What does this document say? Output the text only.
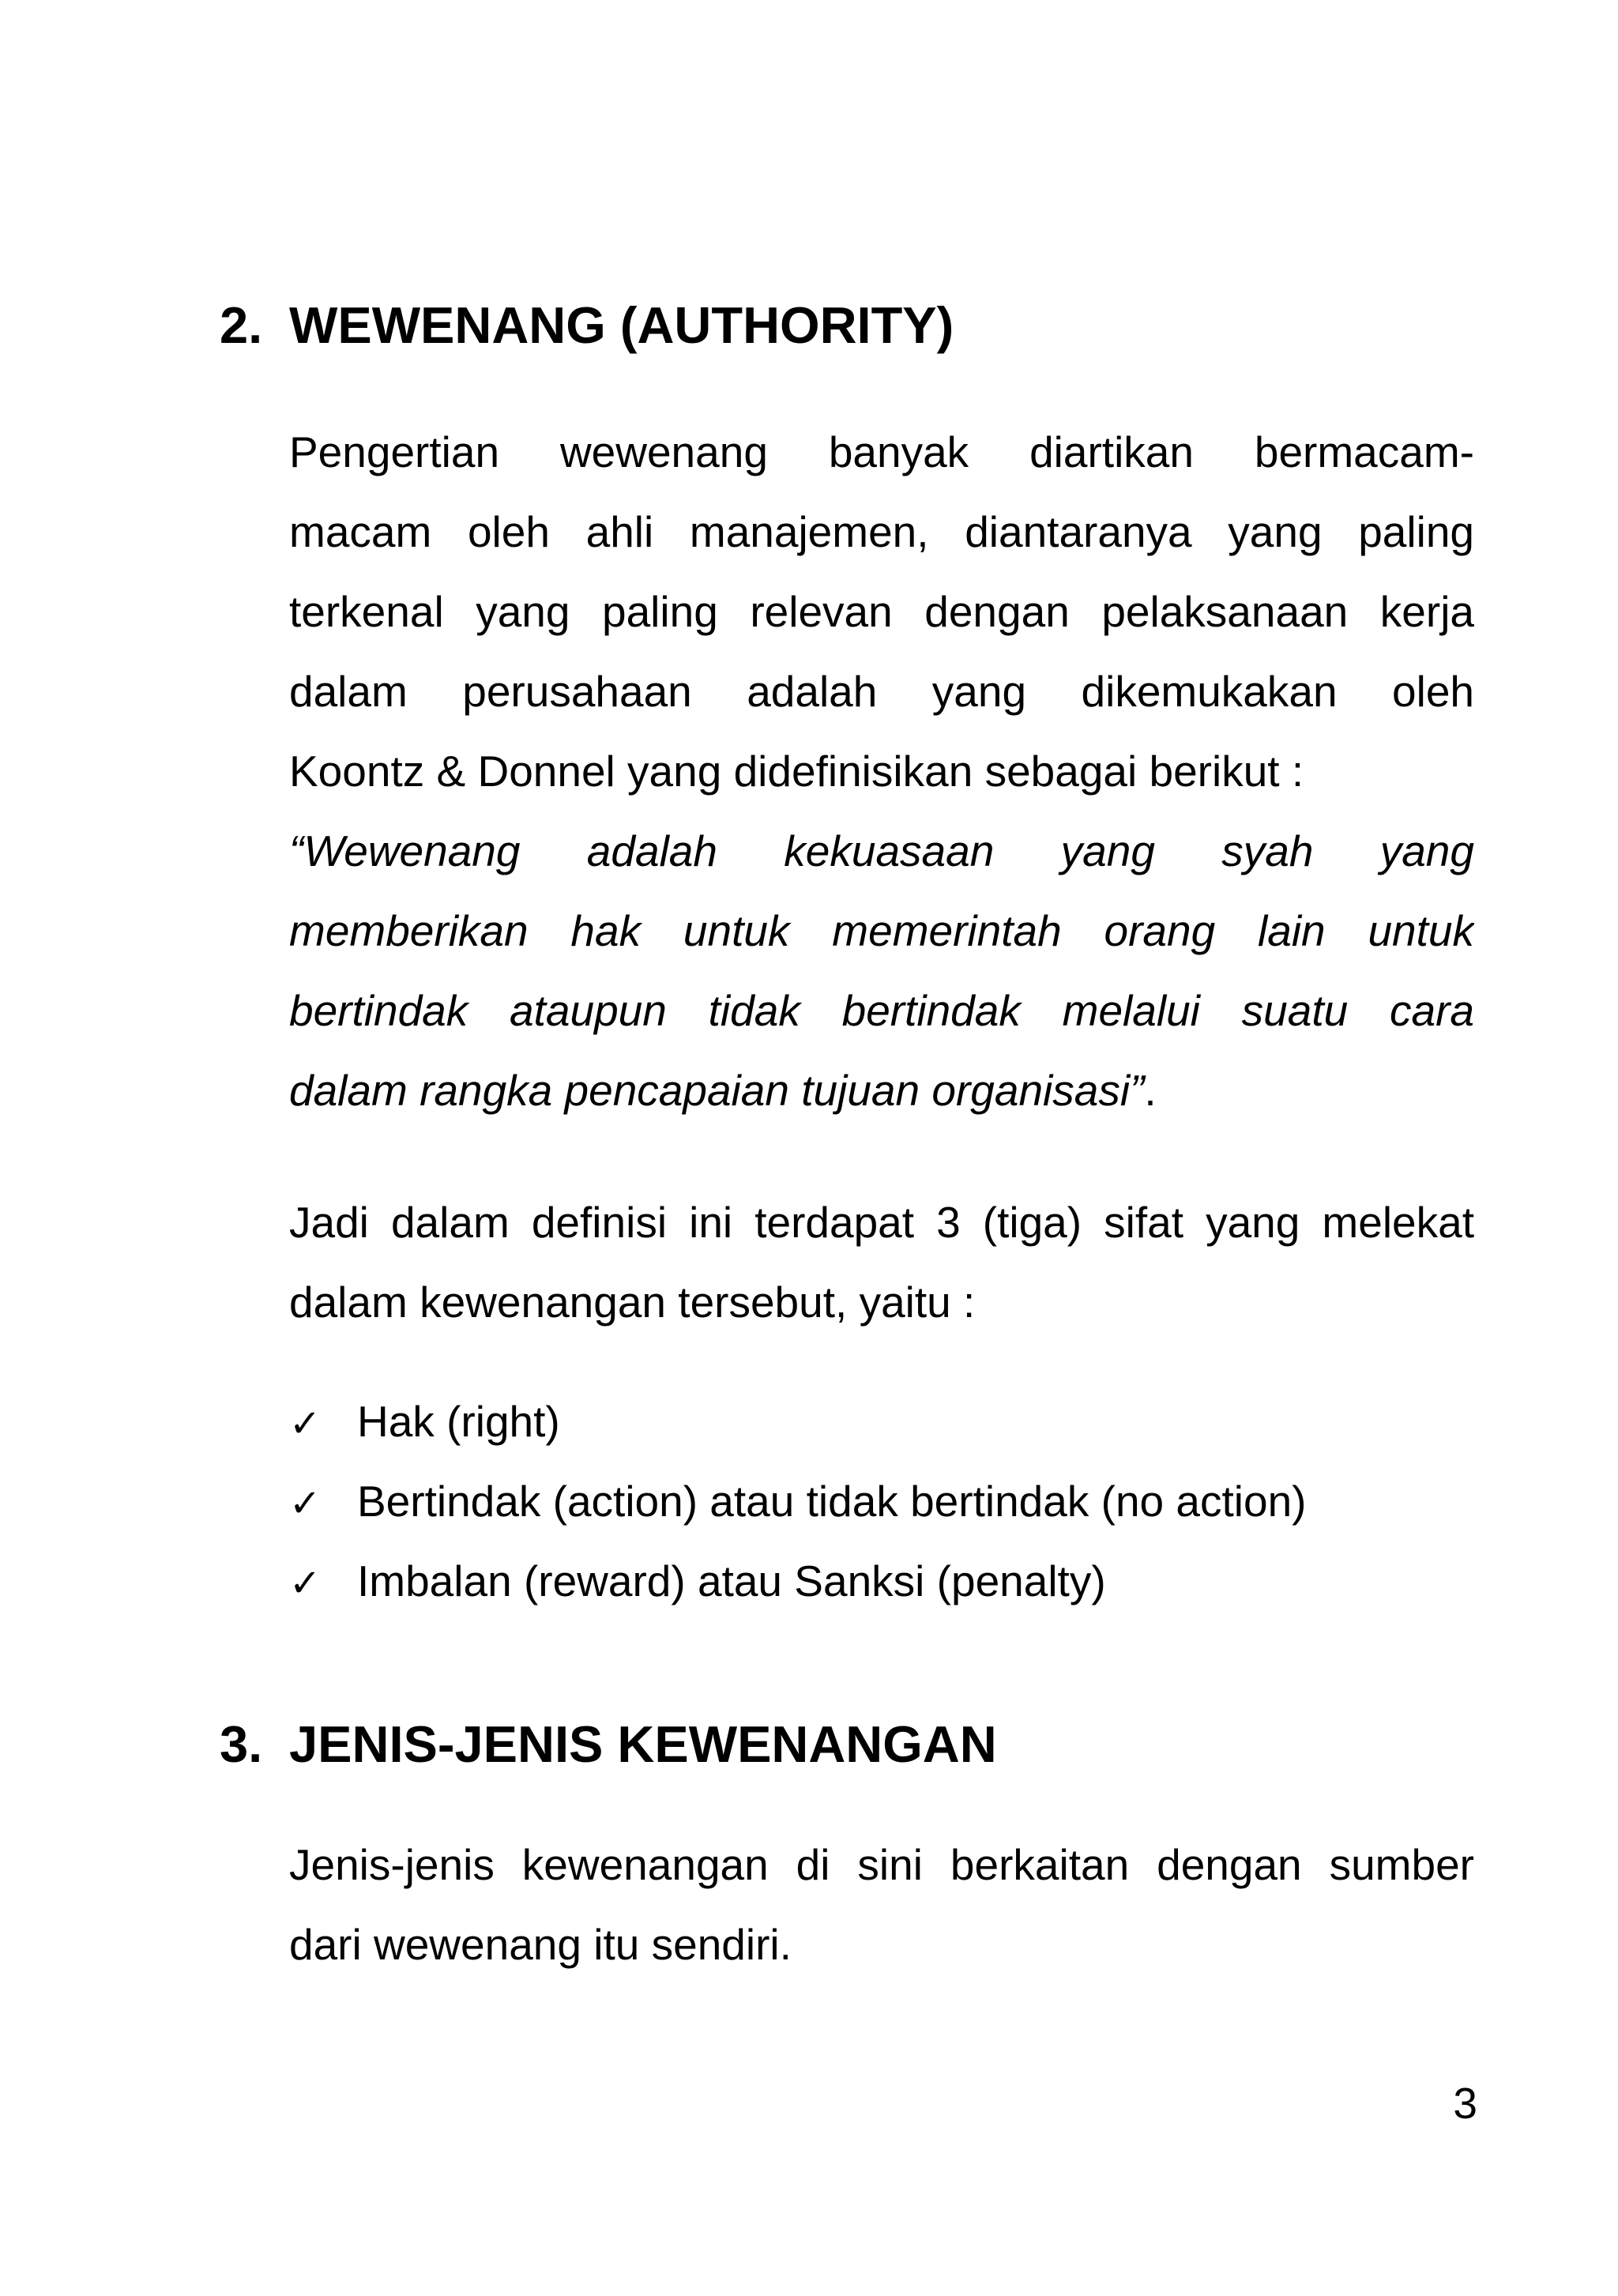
2. WEWENANG (AUTHORITY)
Pengertian wewenang banyak diartikan bermacam-
macam oleh ahli manajemen, diantaranya yang paling
terkenal yang paling relevan dengan pelaksanaan kerja
dalam perusahaan adalah yang dikemukakan oleh
Koontz & Donnel yang didefinisikan sebagai berikut :
“Wewenang adalah kekuasaan yang syah yang
memberikan hak untuk memerintah orang lain untuk
bertindak ataupun tidak bertindak melalui suatu cara
dalam rangka pencapaian tujuan organisasi”.
Jadi dalam definisi ini terdapat 3 (tiga) sifat yang melekat
dalam kewenangan tersebut, yaitu :
✓ Hak (right)
✓ Bertindak (action) atau tidak bertindak (no action)
✓ Imbalan (reward) atau Sanksi (penalty)
3. JENIS-JENIS KEWENANGAN
Jenis-jenis kewenangan di sini berkaitan dengan sumber
dari wewenang itu sendiri.
3
